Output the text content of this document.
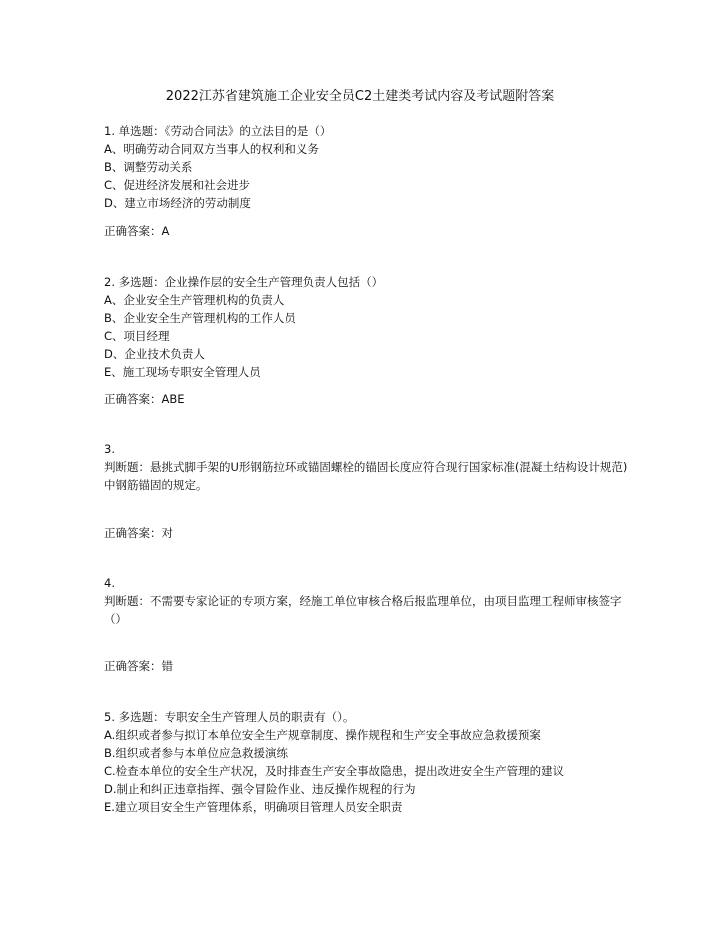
2022江苏省建筑施工企业安全员C2土建类考试内容及考试题附答案
1. 单选题：《劳动合同法》的立法目的是（）
A、明确劳动合同双方当事人的权利和义务
B、调整劳动关系
C、促进经济发展和社会进步
D、建立市场经济的劳动制度
正确答案：A
2. 多选题：企业操作层的安全生产管理负责人包括（）
A、企业安全生产管理机构的负责人
B、企业安全生产管理机构的工作人员
C、项目经理
D、企业技术负责人
E、施工现场专职安全管理人员
正确答案：ABE
3.
判断题：悬挑式脚手架的U形钢筋拉环或锚固螺栓的锚固长度应符合现行国家标准(混凝土结构设计规范)中钢筋锚固的规定。
正确答案：对
4.
判断题：不需要专家论证的专项方案，经施工单位审核合格后报监理单位，由项目监理工程师审核签字（）
正确答案：错
5. 多选题：专职安全生产管理人员的职责有（）。
A.组织或者参与拟订本单位安全生产规章制度、操作规程和生产安全事故应急救援预案
B.组织或者参与本单位应急救援演练
C.检查本单位的安全生产状况，及时排查生产安全事故隐患，提出改进安全生产管理的建议
D.制止和纠正违章指挥、强令冒险作业、违反操作规程的行为
E.建立项目安全生产管理体系，明确项目管理人员安全职责
